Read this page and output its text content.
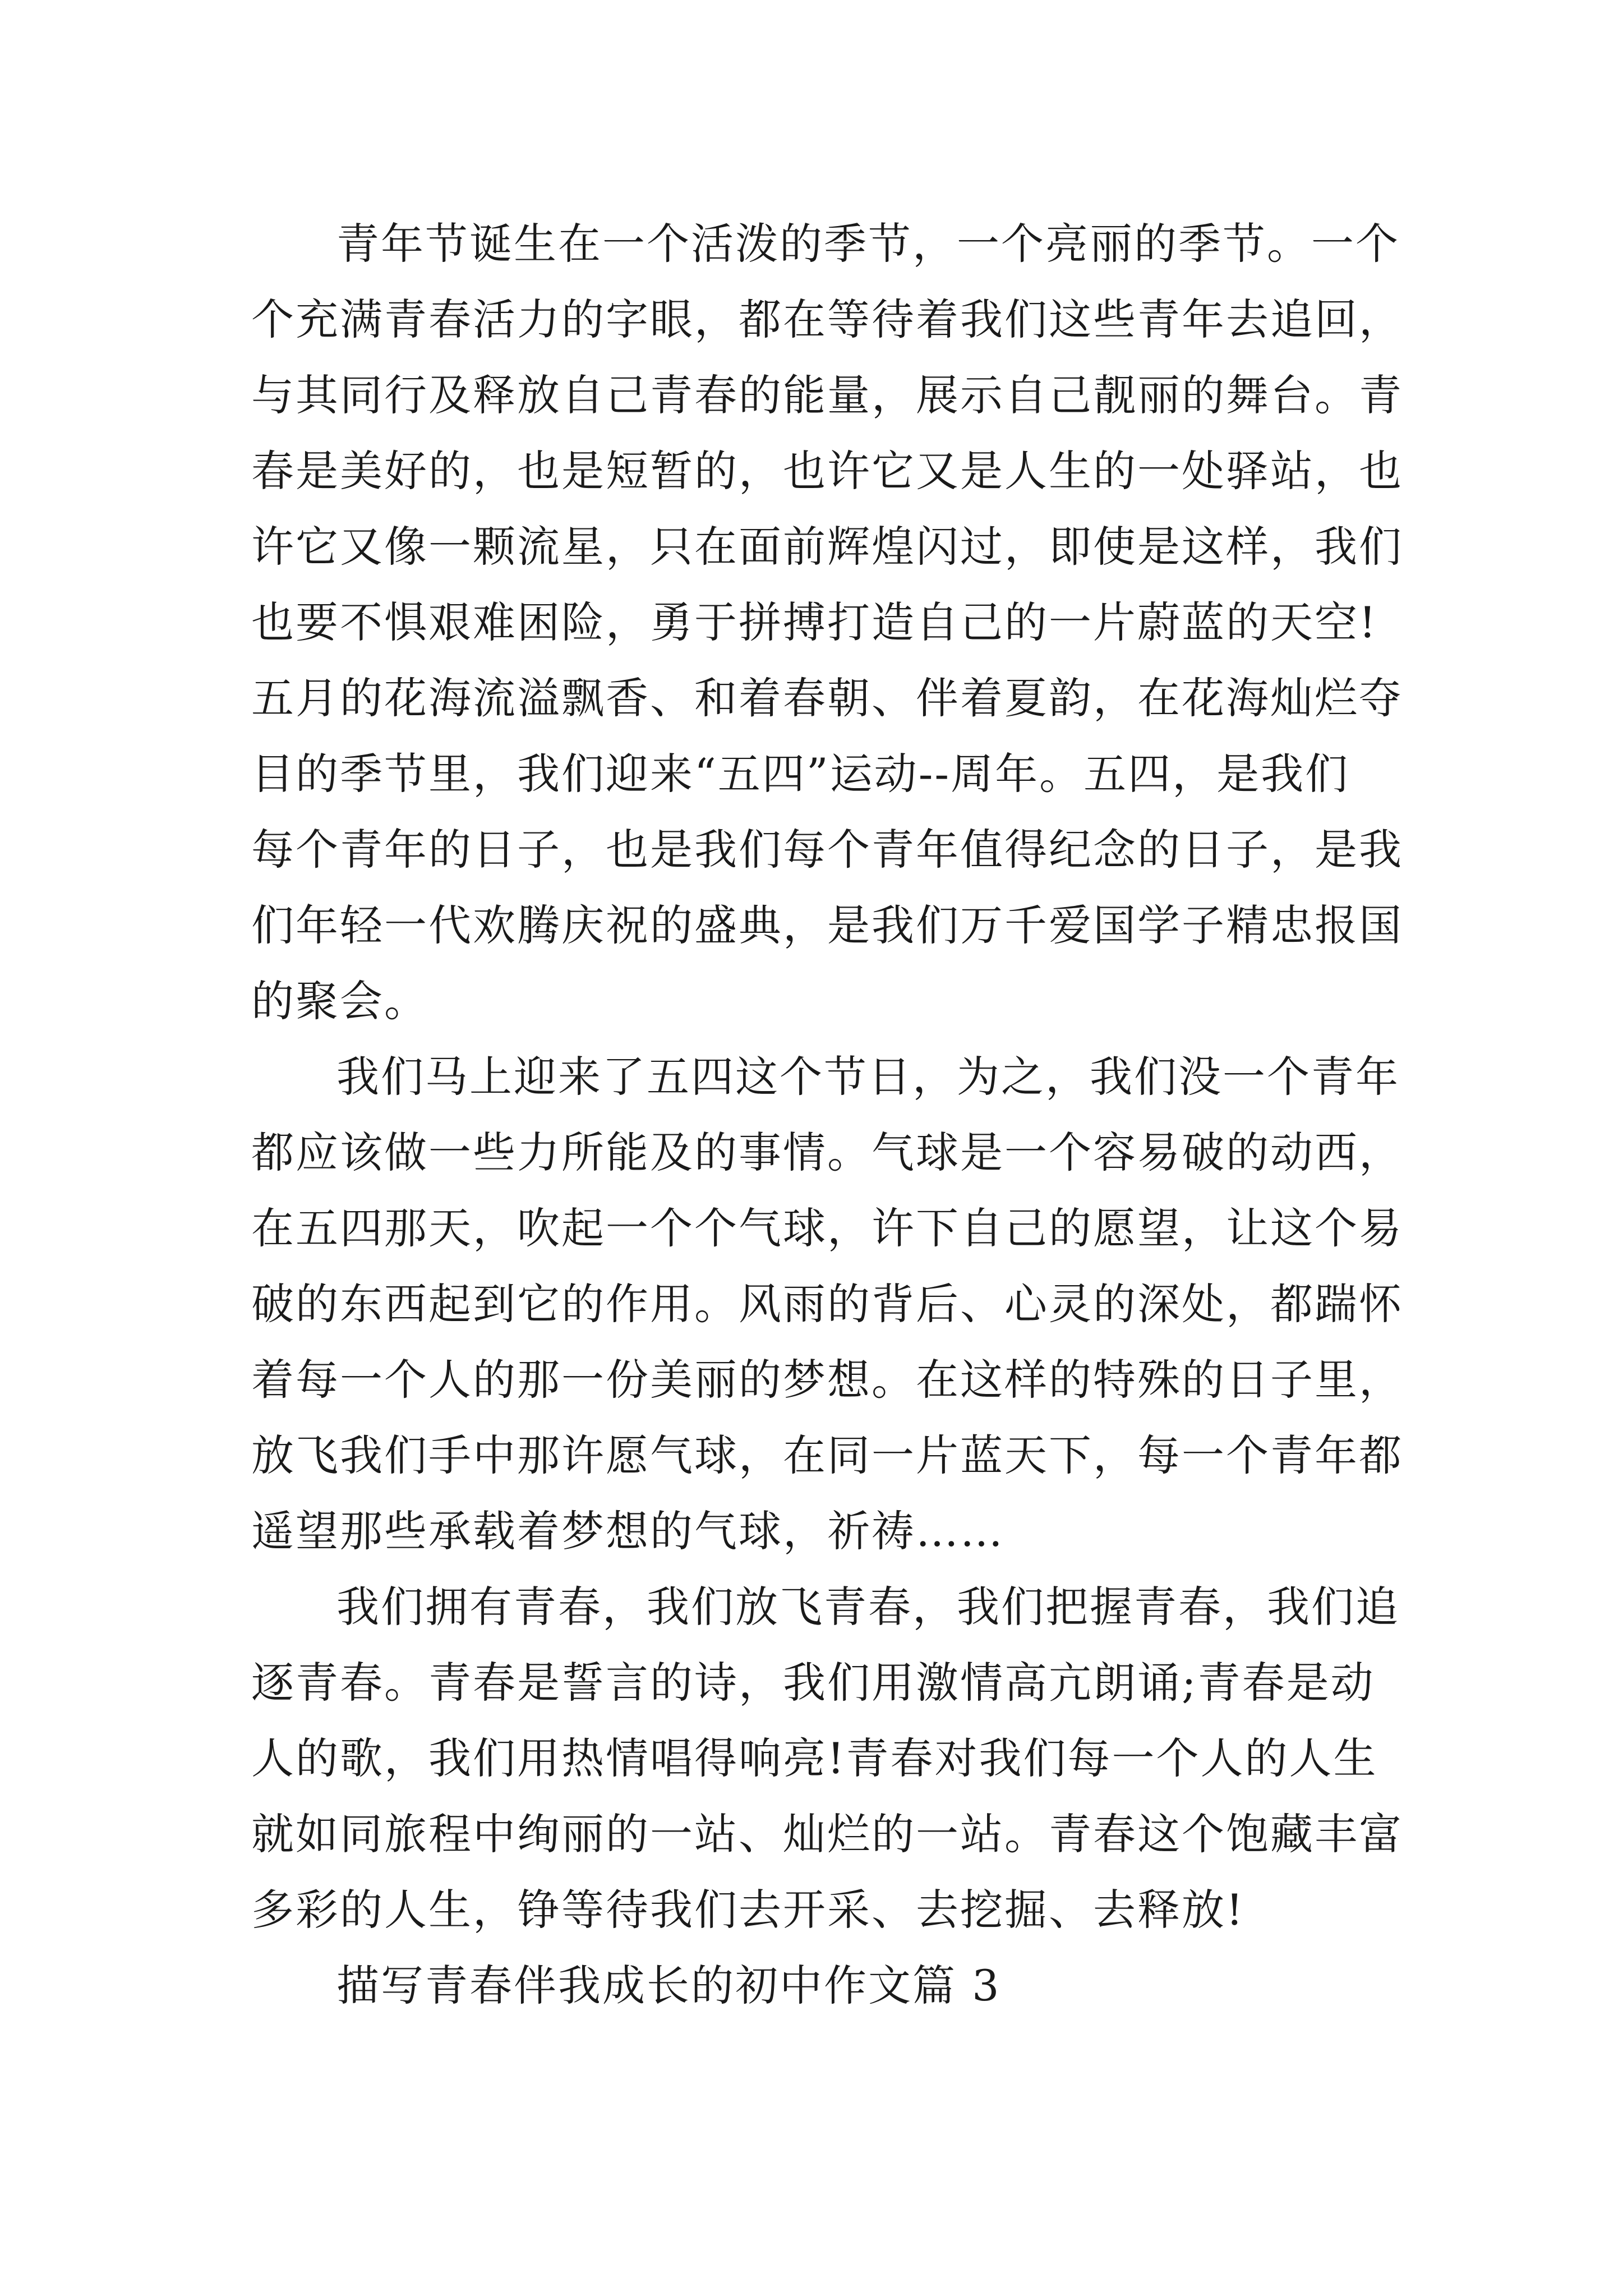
青年节诞生在一个活泼的季节，一个亮丽的季节。一个
个充满青春活力的字眼，都在等待着我们这些青年去追回，
与其同行及释放自己青春的能量，展示自己靓丽的舞台。青
春是美好的，也是短暂的，也许它又是人生的一处驿站，也
许它又像一颗流星，只在面前辉煌闪过，即使是这样，我们
也要不惧艰难困险，勇于拼搏打造自己的一片蔚蓝的天空!
五月的花海流溢飘香、和着春朝、伴着夏韵，在花海灿烂夺
目的季节里，我们迎来“五四”运动--周年。五四，是我们
每个青年的日子，也是我们每个青年值得纪念的日子，是我
们年轻一代欢腾庆祝的盛典，是我们万千爱国学子精忠报国
的聚会。
我们马上迎来了五四这个节日，为之，我们没一个青年
都应该做一些力所能及的事情。气球是一个容易破的动西，
在五四那天，吹起一个个气球，许下自己的愿望，让这个易
破的东西起到它的作用。风雨的背后、心灵的深处，都踹怀
着每一个人的那一份美丽的梦想。在这样的特殊的日子里，
放飞我们手中那许愿气球，在同一片蓝天下，每一个青年都
遥望那些承载着梦想的气球，祈祷……
我们拥有青春，我们放飞青春，我们把握青春，我们追
逐青春。青春是誓言的诗，我们用激情高亢朗诵;青春是动
人的歌，我们用热情唱得响亮!青春对我们每一个人的人生
就如同旅程中绚丽的一站、灿烂的一站。青春这个饱藏丰富
多彩的人生，铮等待我们去开采、去挖掘、去释放!
描写青春伴我成长的初中作文篇 3
